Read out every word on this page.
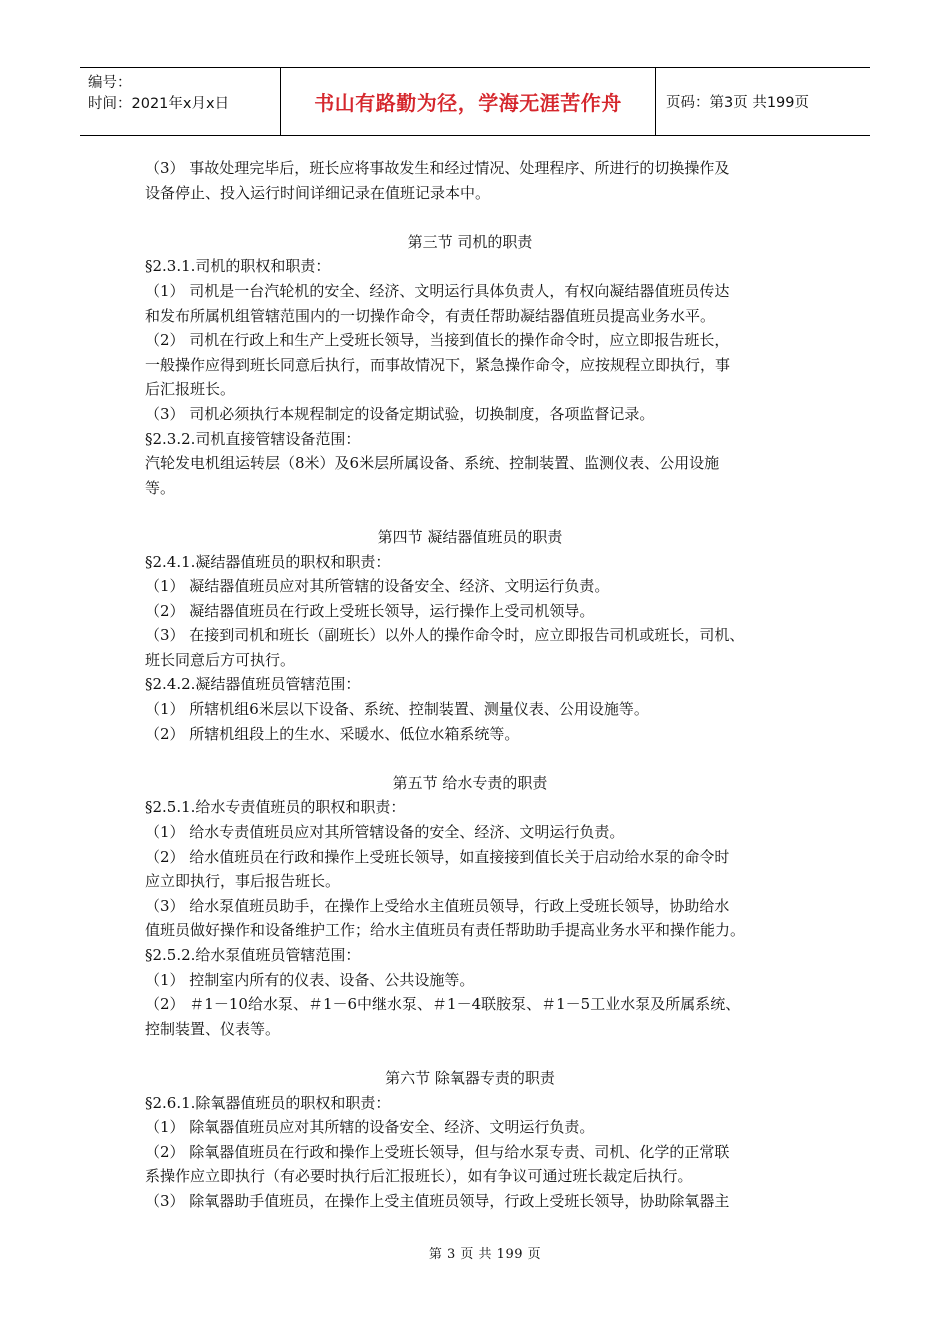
编号：
时间：2021年x月x日	书山有路勤为径，学海无涯苦作舟	页码：第3页 共199页
（3） 事故处理完毕后，班长应将事故发生和经过情况、处理程序、所进行的切换操作及
设备停止、投入运行时间详细记录在值班记录本中。
第三节 司机的职责
§2.3.1.司机的职权和职责：
（1） 司机是一台汽轮机的安全、经济、文明运行具体负责人，有权向凝结器值班员传达
和发布所属机组管辖范围内的一切操作命令，有责任帮助凝结器值班员提高业务水平。
（2） 司机在行政上和生产上受班长领导，当接到值长的操作命令时，应立即报告班长，
一般操作应得到班长同意后执行，而事故情况下，紧急操作命令，应按规程立即执行，事
后汇报班长。
（3） 司机必须执行本规程制定的设备定期试验，切换制度，各项监督记录。
§2.3.2.司机直接管辖设备范围：
汽轮发电机组运转层（8米）及6米层所属设备、系统、控制装置、监测仪表、公用设施
等。
第四节 凝结器值班员的职责
§2.4.1.凝结器值班员的职权和职责：
（1） 凝结器值班员应对其所管辖的设备安全、经济、文明运行负责。
（2） 凝结器值班员在行政上受班长领导，运行操作上受司机领导。
（3） 在接到司机和班长（副班长）以外人的操作命令时，应立即报告司机或班长，司机、
班长同意后方可执行。
§2.4.2.凝结器值班员管辖范围：
（1） 所辖机组6米层以下设备、系统、控制装置、测量仪表、公用设施等。
（2） 所辖机组段上的生水、采暖水、低位水箱系统等。
第五节 给水专责的职责
§2.5.1.给水专责值班员的职权和职责：
（1） 给水专责值班员应对其所管辖设备的安全、经济、文明运行负责。
（2） 给水值班员在行政和操作上受班长领导，如直接接到值长关于启动给水泵的命令时
应立即执行，事后报告班长。
（3） 给水泵值班员助手，在操作上受给水主值班员领导，行政上受班长领导，协助给水
值班员做好操作和设备维护工作；给水主值班员有责任帮助助手提高业务水平和操作能力。
§2.5.2.给水泵值班员管辖范围：
（1） 控制室内所有的仪表、设备、公共设施等。
（2） ＃1－10给水泵、＃1－6中继水泵、＃1－4联胺泵、＃1－5工业水泵及所属系统、
控制装置、仪表等。
第六节 除氧器专责的职责
§2.6.1.除氧器值班员的职权和职责：
（1） 除氧器值班员应对其所辖的设备安全、经济、文明运行负责。
（2） 除氧器值班员在行政和操作上受班长领导，但与给水泵专责、司机、化学的正常联
系操作应立即执行（有必要时执行后汇报班长），如有争议可通过班长裁定后执行。
（3） 除氧器助手值班员，在操作上受主值班员领导，行政上受班长领导，协助除氧器主
第 3 页 共 199 页
